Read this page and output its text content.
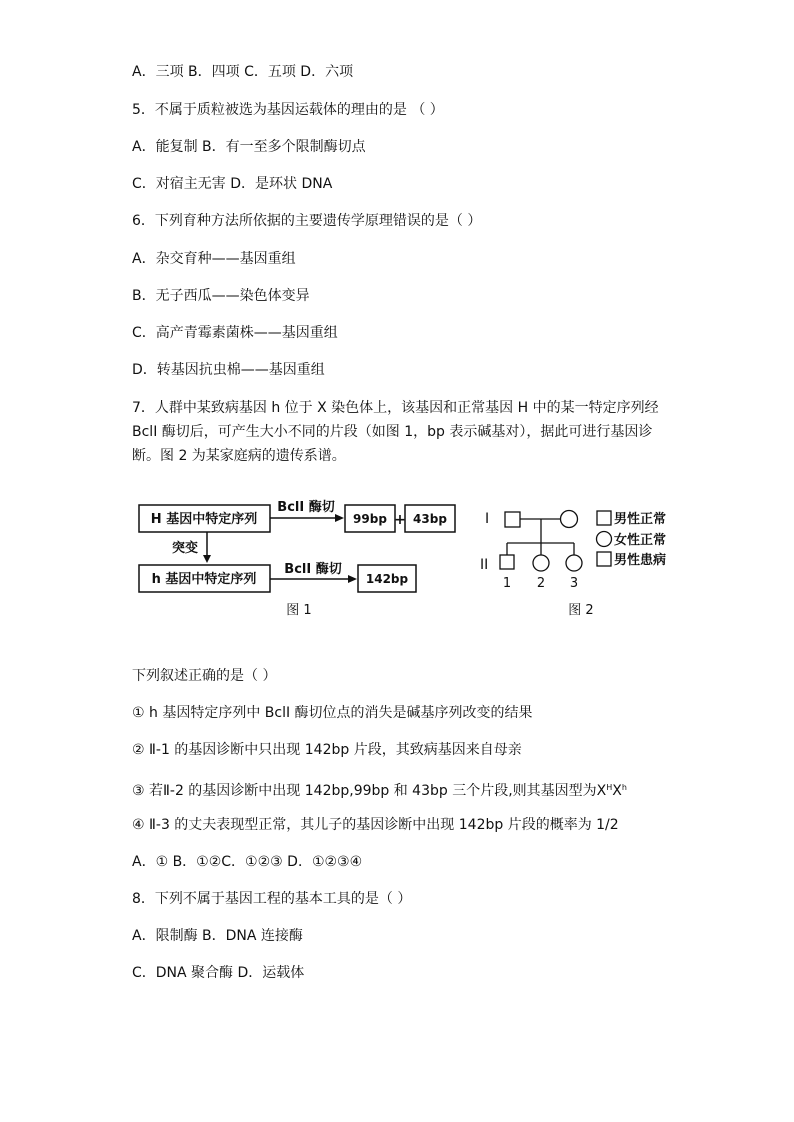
A．三项 B．四项 C．五项 D．六项
5．不属于质粒被选为基因运载体的理由的是 （ ）
A．能复制 B．有一至多个限制酶切点
C．对宿主无害 D．是环状 DNA
6．下列育种方法所依据的主要遗传学原理错误的是（ ）
A．杂交育种——基因重组
B．无子西瓜——染色体变异
C．高产青霉素菌株——基因重组
D．转基因抗虫棉——基因重组
7．人群中某致病基因 h 位于 X 染色体上，该基因和正常基因 H 中的某一特定序列经 BclI 酶切后，可产生大小不同的片段（如图 1，bp 表示碱基对），据此可进行基因诊断。图 2 为某家庭病的遗传系谱。
H 基因中特定序列
BclI 酶切
99bp + 43bp
突变
h 基因中特定序列
BclI 酶切
142bp
图 1
I
II
1 2 3
男性正常
女性正常
男性患病
图 2
下列叙述正确的是（ ）
① h 基因特定序列中 BclI 酶切位点的消失是碱基序列改变的结果
② Ⅱ-1 的基因诊断中只出现 142bp 片段，其致病基因来自母亲
③ 若Ⅱ-2 的基因诊断中出现 142bp,99bp 和 43bp 三个片段,则其基因型为$X^HX^h$
④ Ⅱ-3 的丈夫表现型正常，其儿子的基因诊断中出现 142bp 片段的概率为 1/2
A．① B．①②C．①②③ D．①②③④
8．下列不属于基因工程的基本工具的是（ ）
A．限制酶 B．DNA 连接酶
C．DNA 聚合酶 D．运载体
